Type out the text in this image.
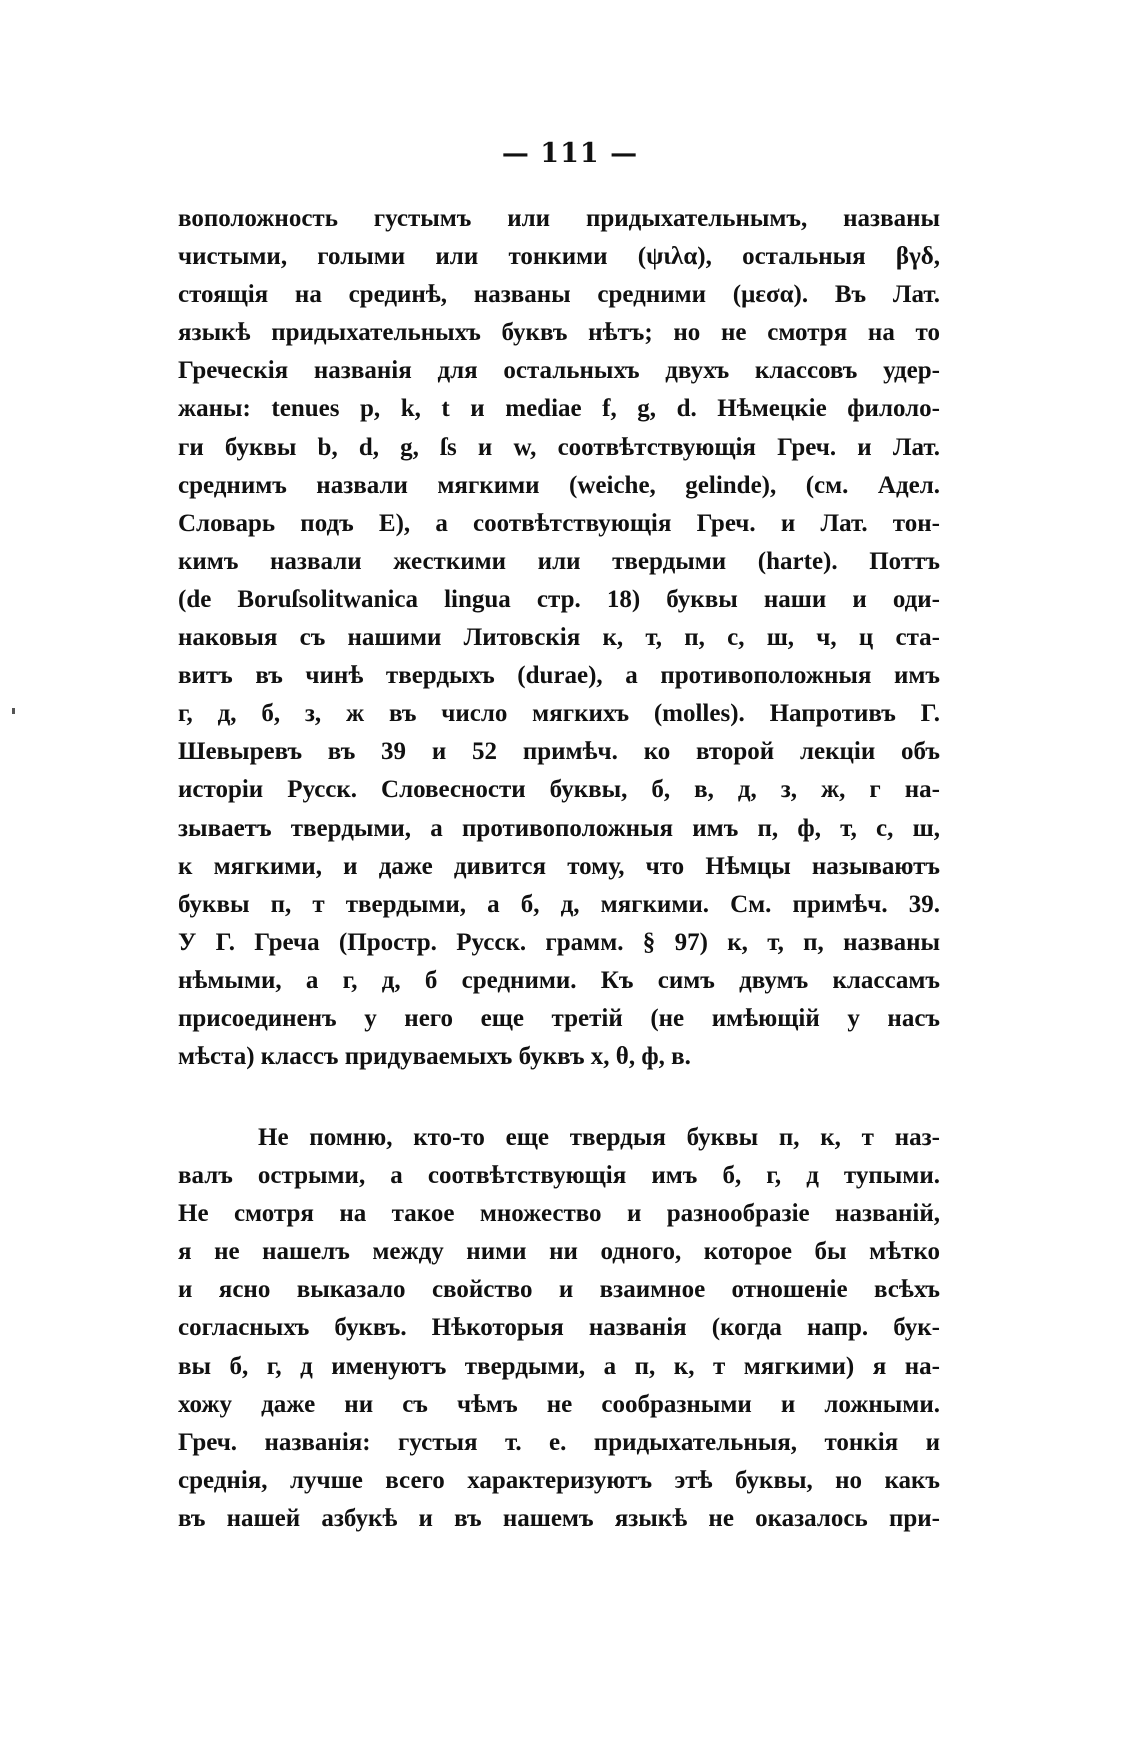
— 111 —
воположность густымъ или придыхательнымъ, названы
чистыми, голыми или тонкими (ψιλα), остальныя βγδ,
стоящія на срединѣ, названы средними (μεσα). Въ Лат.
языкѣ придыхательныхъ буквъ нѣтъ; но не смотря на то
Греческія названія для остальныхъ двухъ классовъ удер-
жаны: tenues p, k, t и mediae f, g, d. Нѣмецкіе филоло-
ги буквы b, d, g, ſs и w, соотвѣтствующія Греч. и Лат.
среднимъ назвали мягкими (weiche, gelinde), (см. Адел.
Словарь подъ E), а соотвѣтствующія Греч. и Лат. тон-
кимъ назвали жесткими или твердыми (harte). Поттъ
(de Boruſsolitwanica lingua стр. 18) буквы наши и оди-
наковыя съ нашими Литовскія к, т, п, с, ш, ч, ц ста-
витъ въ чинѣ твердыхъ (durae), а противоположныя имъ
г, д, б, з, ж въ число мягкихъ (molles). Напротивъ Г.
Шевыревъ въ 39 и 52 примѣч. ко второй лекціи объ
исторіи Русск. Словесности буквы, б, в, д, з, ж, г на-
зываетъ твердыми, а противоположныя имъ п, ф, т, с, ш,
к мягкими, и даже дивится тому, что Нѣмцы называютъ
буквы п, т твердыми, а б, д, мягкими. См. примѣч. 39.
У Г. Греча (Простр. Русск. грамм. § 97) к, т, п, названы
нѣмыми, а г, д, б средними. Къ симъ двумъ классамъ
присоединенъ у него еще третій (не имѣющій у насъ
мѣста) классъ придуваемыхъ буквъ х, θ, ф, в.
Не помню, кто-то еще твердыя буквы п, к, т наз-
валъ острыми, а соотвѣтствующія имъ б, г, д тупыми.
Не смотря на такое множество и разнообразіе названій,
я не нашелъ между ними ни одного, которое бы мѣтко
и ясно выказало свойство и взаимное отношеніе всѣхъ
согласныхъ буквъ. Нѣкоторыя названія (когда напр. бук-
вы б, г, д именуютъ твердыми, а п, к, т мягкими) я на-
хожу даже ни съ чѣмъ не сообразными и ложными.
Греч. названія: густыя т. е. придыхательныя, тонкія и
среднія, лучше всего характеризуютъ этѣ буквы, но какъ
въ нашей азбукѣ и въ нашемъ языкѣ не оказалось при-
